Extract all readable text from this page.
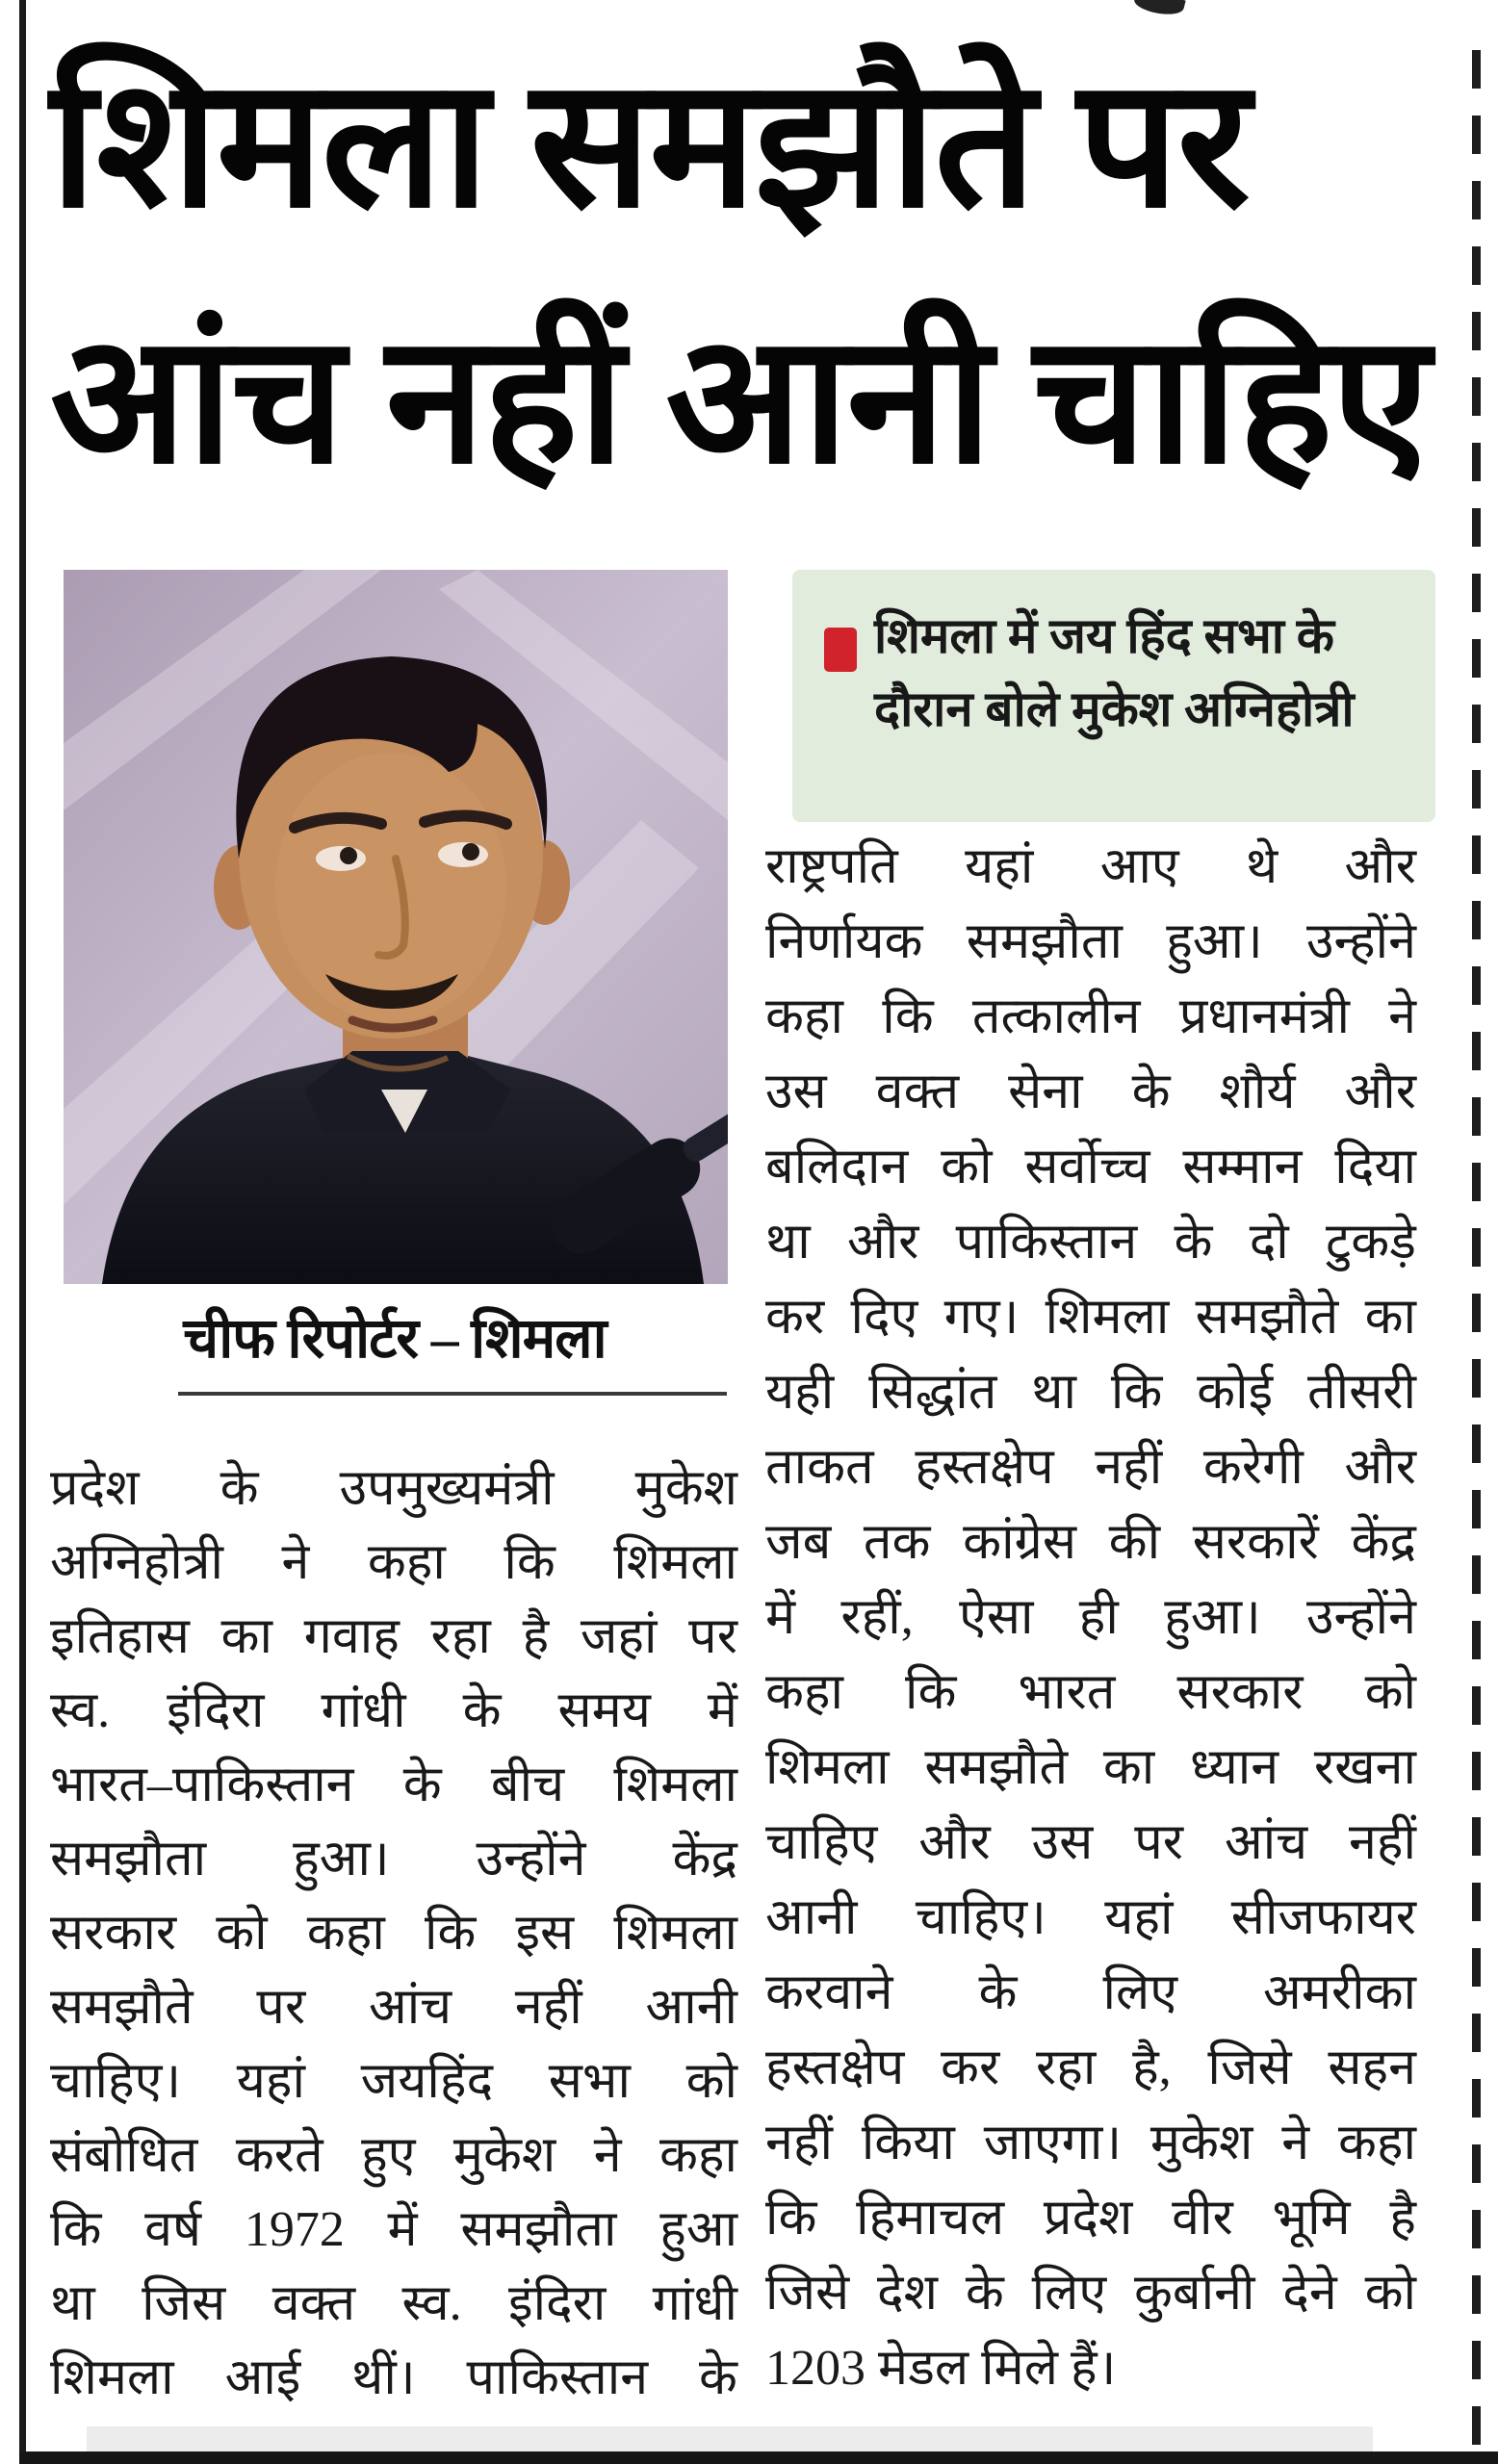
शिमला समझौते पर
आंच नहीं आनी चाहिए
चीफ रिपोर्टर – शिमला
शिमला में जय हिंद सभा के
दौरान बोले मुकेश अग्निहोत्री
प्रदेश के उपमुख्यमंत्री मुकेश
अग्निहोत्री ने कहा कि शिमला
इतिहास का गवाह रहा है जहां पर
स्व. इंदिरा गांधी के समय में
भारत–पाकिस्तान के बीच शिमला
समझौता हुआ। उन्होंने केंद्र
सरकार को कहा कि इस शिमला
समझौते पर आंच नहीं आनी
चाहिए। यहां जयहिंद सभा को
संबोधित करते हुए मुकेश ने कहा
कि वर्ष 1972 में समझौता हुआ
था जिस वक्त स्व. इंदिरा गांधी
शिमला आई थीं। पाकिस्तान के
राष्ट्रपति यहां आए थे और
निर्णायक समझौता हुआ। उन्होंने
कहा कि तत्कालीन प्रधानमंत्री ने
उस वक्त सेना के शौर्य और
बलिदान को सर्वोच्च सम्मान दिया
था और पाकिस्तान के दो टुकड़े
कर दिए गए। शिमला समझौते का
यही सिद्धांत था कि कोई तीसरी
ताकत हस्तक्षेप नहीं करेगी और
जब तक कांग्रेस की सरकारें केंद्र
में रहीं, ऐसा ही हुआ। उन्होंने
कहा कि भारत सरकार को
शिमला समझौते का ध्यान रखना
चाहिए और उस पर आंच नहीं
आनी चाहिए। यहां सीजफायर
करवाने के लिए अमरीका
हस्तक्षेप कर रहा है, जिसे सहन
नहीं किया जाएगा। मुकेश ने कहा
कि हिमाचल प्रदेश वीर भूमि है
जिसे देश के लिए कुर्बानी देने को
1203 मेडल मिले हैं।
